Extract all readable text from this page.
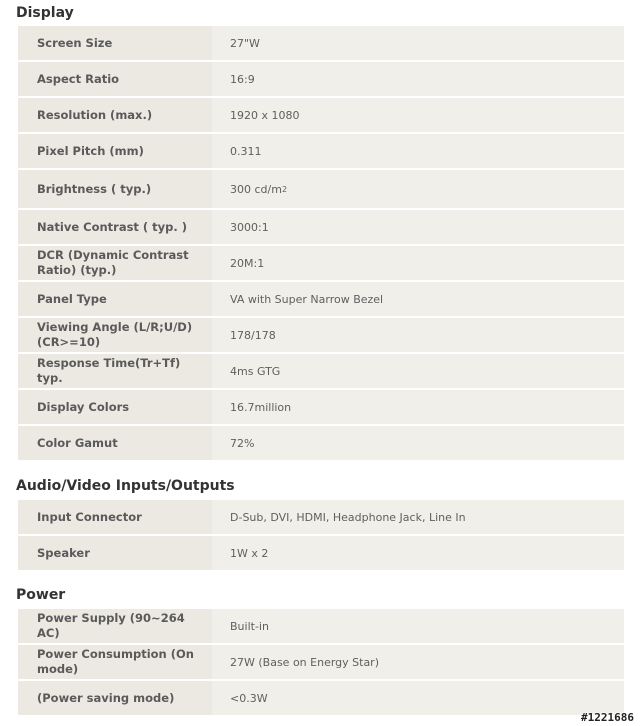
Display
Screen Size	27"W
Aspect Ratio	16:9
Resolution (max.)	1920 x 1080
Pixel Pitch (mm)	0.311
Brightness ( typ.)	300 cd/m 2
Native Contrast ( typ. )	3000:1
DCR (Dynamic Contrast Ratio) (typ.)	20M:1
Panel Type	VA with Super Narrow Bezel
Viewing Angle (L/R;U/D) (CR>=10)	178/178
Response Time(Tr+Tf) typ.	4ms GTG
Display Colors	16.7million
Color Gamut	72%
Audio/Video Inputs/Outputs
Input Connector	D-Sub, DVI, HDMI, Headphone Jack, Line In
Speaker	1W x 2
Power
Power Supply (90~264 AC)	Built-in
Power Consumption (On mode)	27W (Base on Energy Star)
(Power saving mode)	<0.3W
#1221686
